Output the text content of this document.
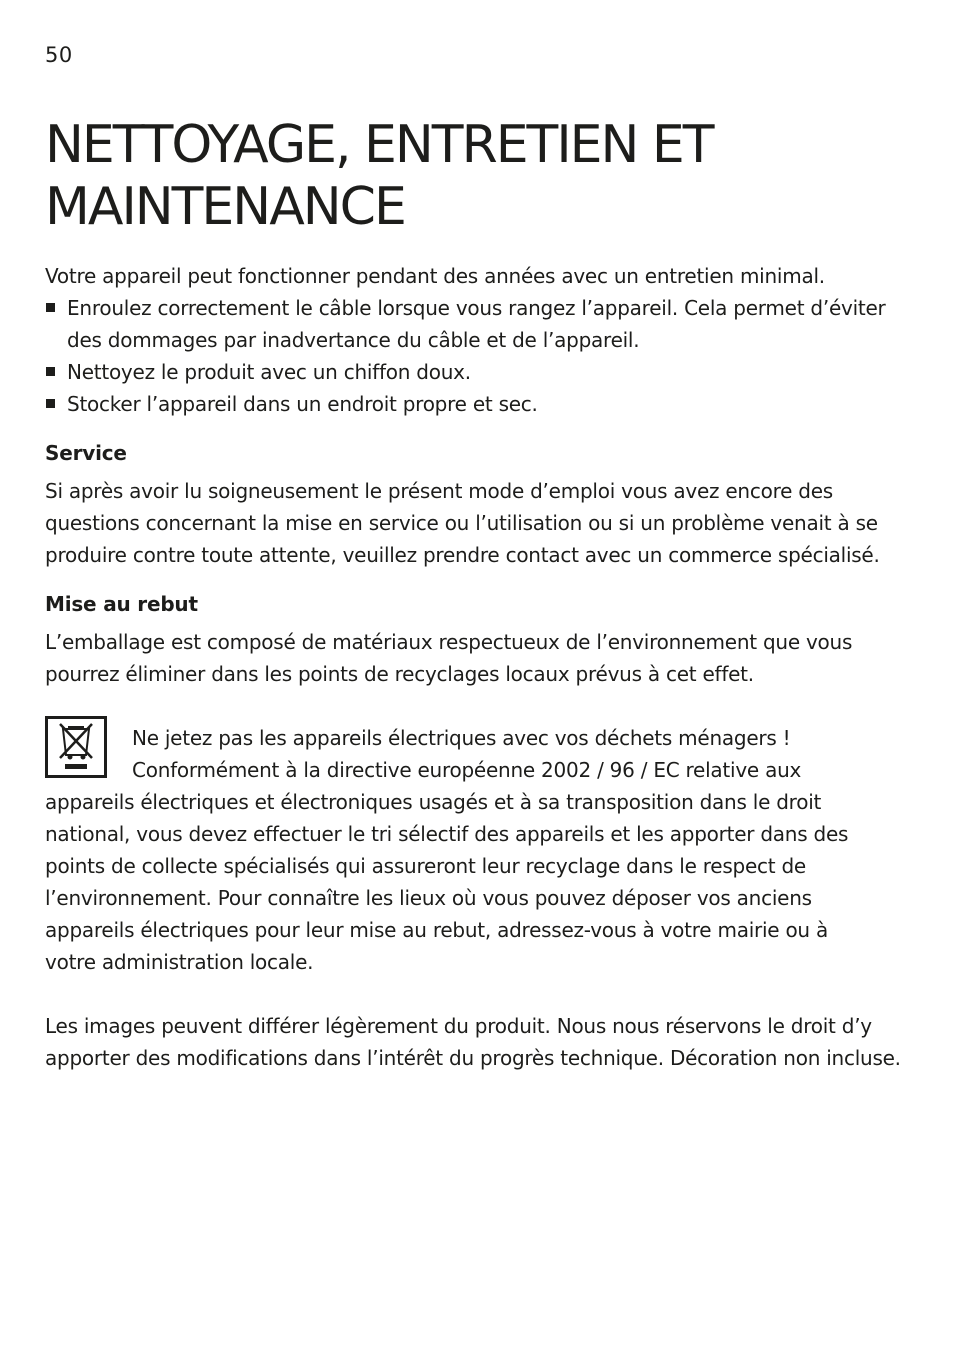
50
NETTOYAGE, ENTRETIEN ET
MAINTENANCE
Votre appareil peut fonctionner pendant des années avec un entretien minimal.
Enroulez correctement le câble lorsque vous rangez l’appareil. Cela permet d’éviter des dommages par inadvertance du câble et de l’appareil.
Nettoyez le produit avec un chiffon doux.
Stocker l’appareil dans un endroit propre et sec.
Service
Si après avoir lu soigneusement le présent mode d’emploi vous avez encore des questions concernant la mise en service ou l’utilisation ou si un problème venait à se produire contre toute attente, veuillez prendre contact avec un commerce spécialisé.
Mise au rebut
L’emballage est composé de matériaux respectueux de l’environnement que vous pourrez éliminer dans les points de recyclages locaux prévus à cet effet.
Ne jetez pas les appareils électriques avec vos déchets ménagers !
Conformément à la directive européenne 2002 / 96 / EC relative aux
appareils électriques et électroniques usagés et à sa transposition dans le droit national, vous devez effectuer le tri sélectif des appareils et les apporter dans des points de collecte spécialisés qui assureront leur recyclage dans le respect de l’environnement. Pour connaître les lieux où vous pouvez déposer vos anciens appareils électriques pour leur mise au rebut, adressez-vous à votre mairie ou à votre administration locale.
Les images peuvent différer légèrement du produit. Nous nous réservons le droit d’y apporter des modifications dans l’intérêt du progrès technique. Décoration non incluse.
